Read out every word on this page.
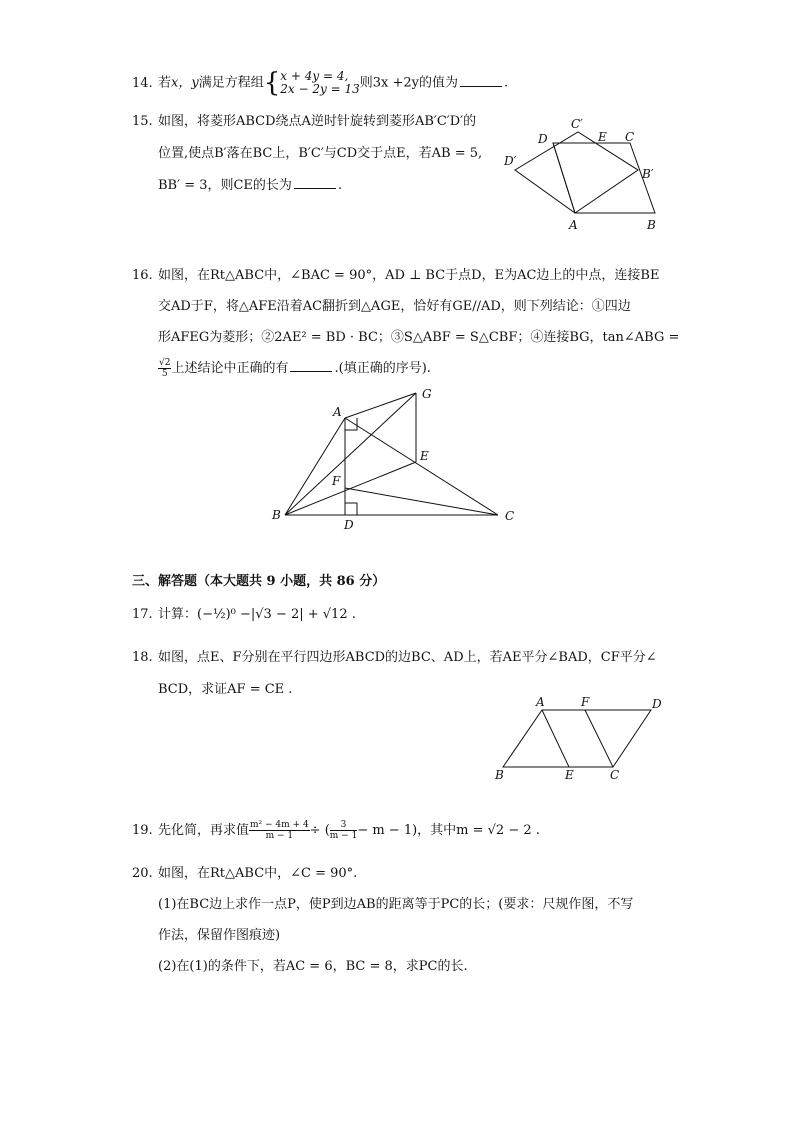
14. 若x，y满足方程组{x + 4y = 4,
2x − 2y = 13则3x +2y的值为	.
15. 如图，将菱形ABCD绕点A逆时针旋转到菱形AB′C′D′的
位置,使点B′落在BC上，B′C′与CD交于点E，若AB = 5,
BB′ = 3，则CE的长为	.
C′
D	E C
D′
B′
A	B
16. 如图，在Rt△ABC中，∠BAC = 90°，AD ⊥ BC于点D，E为AC边上的中点，连接BE
交AD于F，将△AFE沿着AC翻折到△AGE，恰好有GE//AD，则下列结论：①四边
形AFEG为菱形；②2AE² = BD · BC；③S△ABF = S△CBF；④连接BG，tan∠ABG =

$\frac{√2}{5}$ 上述结论中正确的有	.(填正确的序号).
A
G
E
F
B
D
C
三、解答题（本大题共 9 小题，共 86 分）
17. 计算：(−½)⁰ −|√3 − 2| + √12 .
18. 如图，点E、F分别在平行四边形ABCD的边BC、AD上，若AE平分∠BAD，CF平分∠
BCD，求证AF = CE .
A	F	D
B	E	C
19. 先化简，再求值 $\frac{\text{m² − 4m + 4}}{m - 1}$ ÷ ( $\frac{3}{m - 1} - m - 1$)，其中m = √2 − 2 .
20. 如图，在Rt△ABC中，∠C = 90°.
(1)在BC边上求作一点P，使P到边AB的距离等于PC的长；(要求：尺规作图，不写
作法，保留作图痕迹)
(2)在(1)的条件下，若AC = 6，BC = 8，求PC的长.
